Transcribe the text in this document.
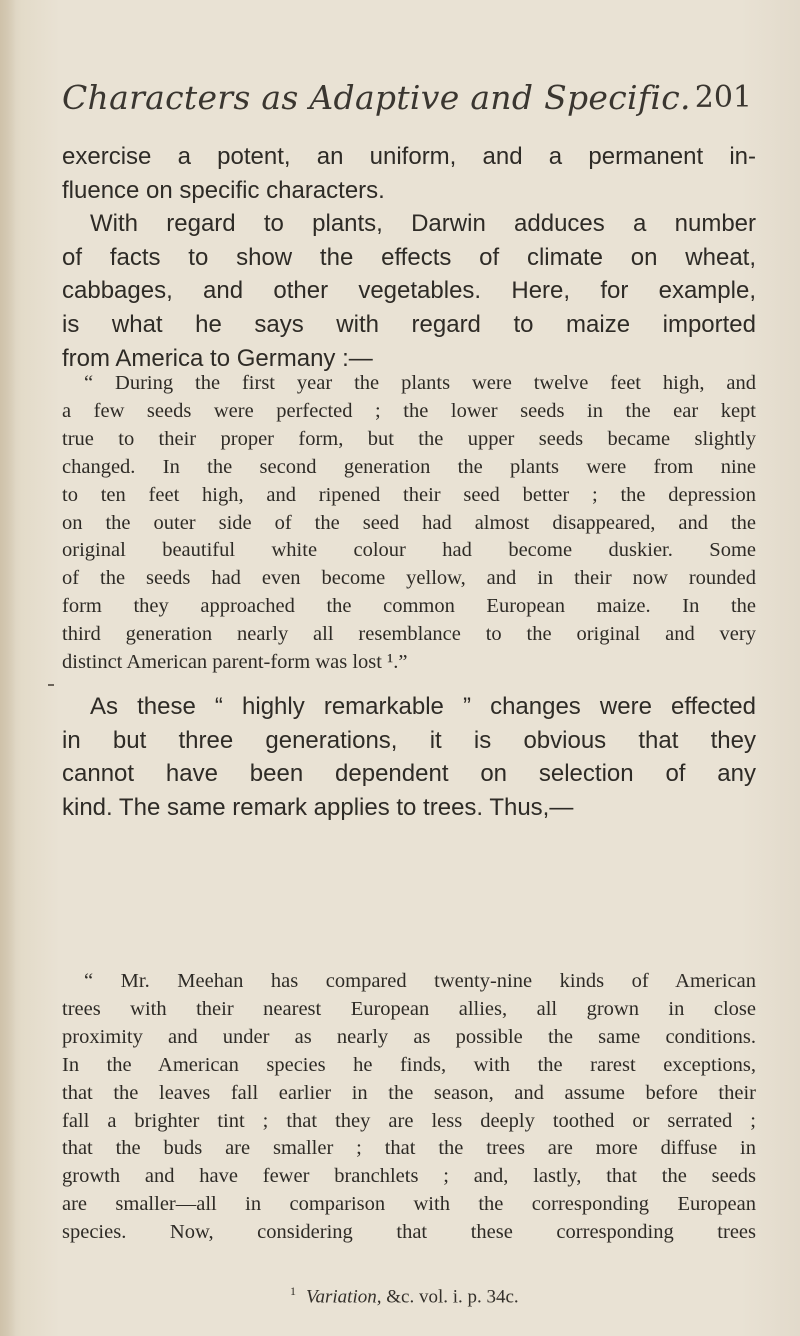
Characters as Adaptive and Specific. 201
exercise a potent, an uniform, and a permanent in-
fluence on specific characters.
With regard to plants, Darwin adduces a number
of facts to show the effects of climate on wheat,
cabbages, and other vegetables. Here, for example,
is what he says with regard to maize imported
from America to Germany :—
“ During the first year the plants were twelve feet high, and
a few seeds were perfected ; the lower seeds in the ear kept
true to their proper form, but the upper seeds became slightly
changed. In the second generation the plants were from nine
to ten feet high, and ripened their seed better ; the depression
on the outer side of the seed had almost disappeared, and the
original beautiful white colour had become duskier. Some
of the seeds had even become yellow, and in their now rounded
form they approached the common European maize. In the
third generation nearly all resemblance to the original and very
distinct American parent-form was lost ¹.”
As these “ highly remarkable ” changes were effected
in but three generations, it is obvious that they
cannot have been dependent on selection of any
kind. The same remark applies to trees. Thus,—
“ Mr. Meehan has compared twenty-nine kinds of American
trees with their nearest European allies, all grown in close
proximity and under as nearly as possible the same conditions.
In the American species he finds, with the rarest exceptions,
that the leaves fall earlier in the season, and assume before their
fall a brighter tint ; that they are less deeply toothed or serrated ;
that the buds are smaller ; that the trees are more diffuse in
growth and have fewer branchlets ; and, lastly, that the seeds
are smaller—all in comparison with the corresponding European
species. Now, considering that these corresponding trees
$^1$ Variation, &c. vol. i. p. 34c.
